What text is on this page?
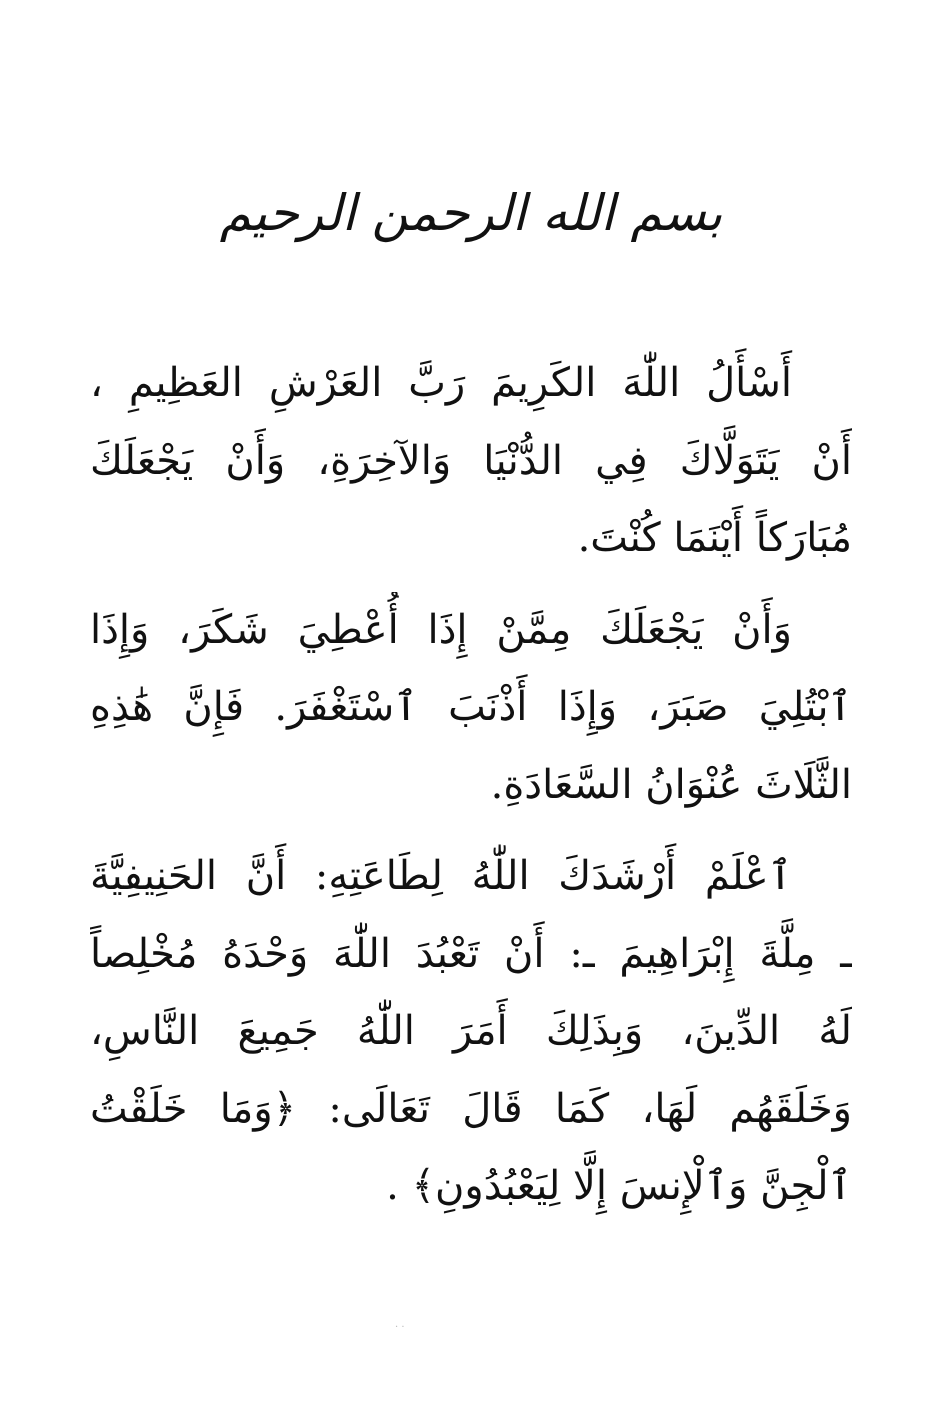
بسم الله الرحمن الرحيم
أَسْأَلُ اللّٰهَ الكَرِيمَ رَبَّ العَرْشِ العَظِيمِ ،
أَنْ يَتَوَلَّاكَ فِي الدُّنْيَا وَالآخِرَةِ، وَأَنْ يَجْعَلَكَ
مُبَارَكاً أَيْنَمَا كُنْتَ.
وَأَنْ يَجْعَلَكَ مِمَّنْ إِذَا أُعْطِيَ شَكَرَ، وَإِذَا
ٱبْتُلِيَ صَبَرَ، وَإِذَا أَذْنَبَ ٱسْتَغْفَرَ. فَإِنَّ هَٰذِهِ
الثَّلَاثَ عُنْوَانُ السَّعَادَةِ.
ٱعْلَمْ أَرْشَدَكَ اللّٰهُ لِطَاعَتِهِ: أَنَّ الحَنِيفِيَّةَ
ـ مِلَّةَ إِبْرَاهِيمَ ـ: أَنْ تَعْبُدَ اللّٰهَ وَحْدَهُ مُخْلِصاً
لَهُ الدِّينَ، وَبِذَلِكَ أَمَرَ اللّٰهُ جَمِيعَ النَّاسِ،
وَخَلَقَهُم لَهَا، كَمَا قَالَ تَعَالَى: ﴿وَمَا خَلَقْتُ
ٱلْجِنَّ وَٱلْإِنسَ إِلَّا لِيَعْبُدُونِ﴾ .
· ·
